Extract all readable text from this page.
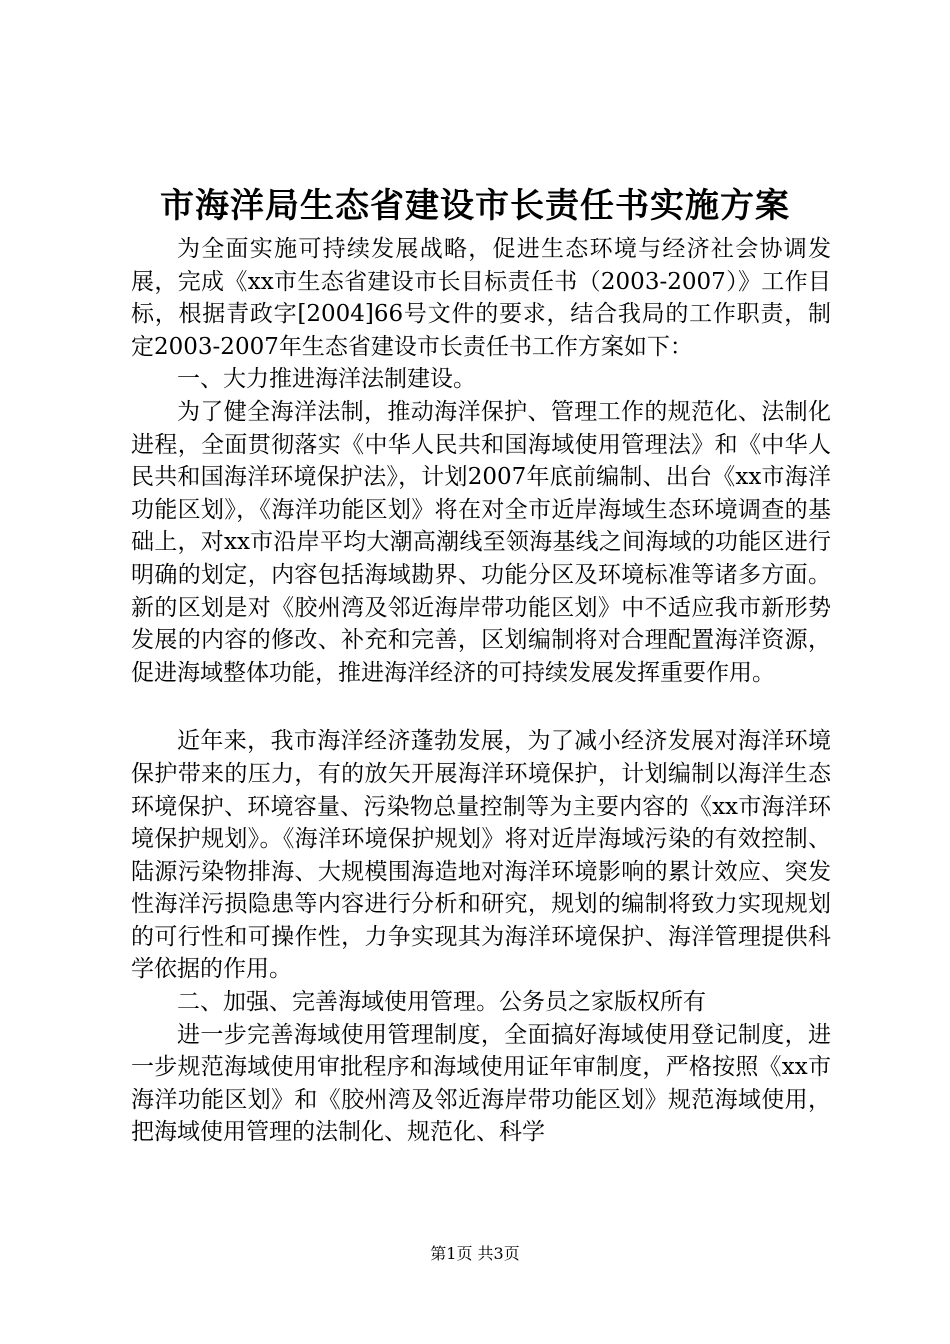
市海洋局生态省建设市长责任书实施方案

为全面实施可持续发展战略，促进生态环境与经济社会协调发展，完成《xx市生态省建设市长目标责任书（2003-2007）》工作目标，根据青政字[2004]66号文件的要求，结合我局的工作职责，制定2003-2007年生态省建设市长责任书工作方案如下：

一、大力推进海洋法制建设。

为了健全海洋法制，推动海洋保护、管理工作的规范化、法制化进程，全面贯彻落实《中华人民共和国海域使用管理法》和《中华人民共和国海洋环境保护法》，计划2007年底前编制、出台《xx市海洋功能区划》，《海洋功能区划》将在对全市近岸海域生态环境调查的基础上，对xx市沿岸平均大潮高潮线至领海基线之间海域的功能区进行明确的划定，内容包括海域勘界、功能分区及环境标准等诸多方面。新的区划是对《胶州湾及邻近海岸带功能区划》中不适应我市新形势发展的内容的修改、补充和完善，区划编制将对合理配置海洋资源，促进海域整体功能，推进海洋经济的可持续发展发挥重要作用。

近年来，我市海洋经济蓬勃发展，为了减小经济发展对海洋环境保护带来的压力，有的放矢开展海洋环境保护，计划编制以海洋生态环境保护、环境容量、污染物总量控制等为主要内容的《xx市海洋环境保护规划》。《海洋环境保护规划》将对近岸海域污染的有效控制、陆源污染物排海、大规模围海造地对海洋环境影响的累计效应、突发性海洋污损隐患等内容进行分析和研究，规划的编制将致力实现规划的可行性和可操作性，力争实现其为海洋环境保护、海洋管理提供科学依据的作用。

二、加强、完善海域使用管理。公务员之家版权所有

进一步完善海域使用管理制度，全面搞好海域使用登记制度，进一步规范海域使用审批程序和海域使用证年审制度，严格按照《xx市海洋功能区划》和《胶州湾及邻近海岸带功能区划》规范海域使用，把海域使用管理的法制化、规范化、科学

第1页 共3页
